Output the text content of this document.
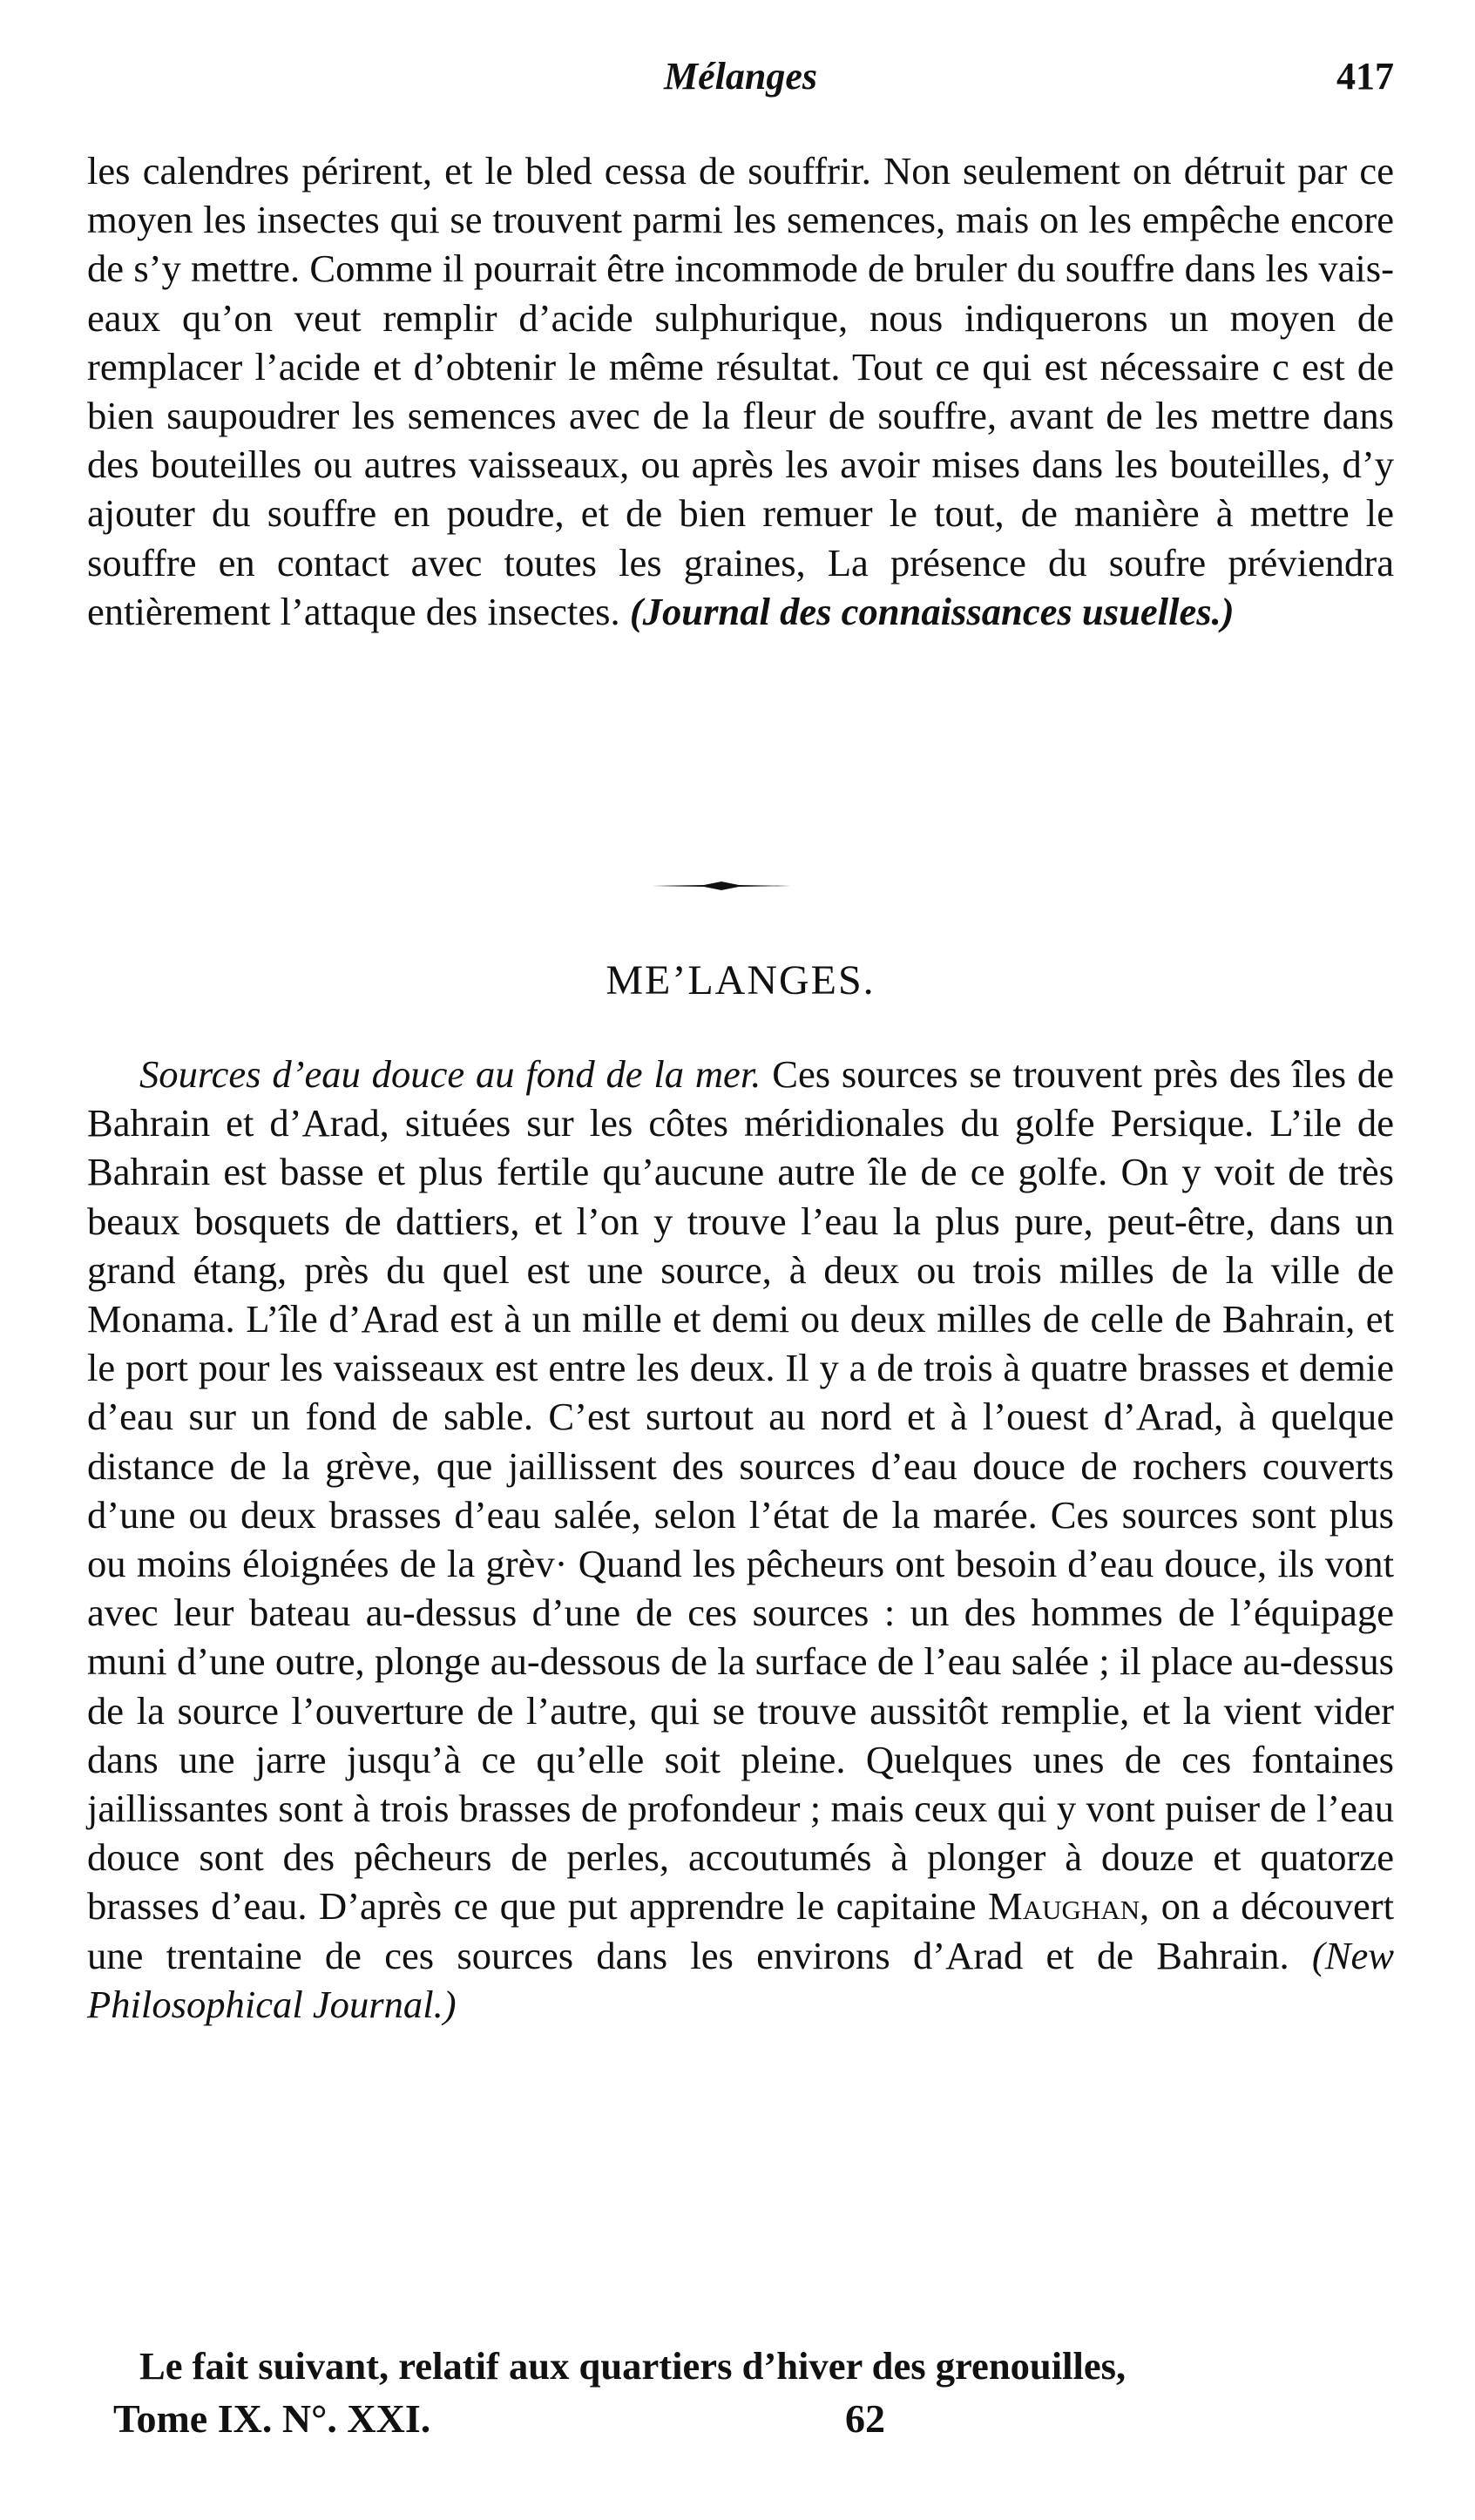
Mélanges	417

les calendres périrent, et le bled cessa de souffrir. Non seulement on détruit par ce moyen les insectes qui se trouvent parmi les semences, mais on les empêche encore de s’y mettre. Comme il pourrait être incommode de bruler du souffre dans les vais-eaux qu’on veut remplir d’acide sulphurique, nous indiquerons un moyen de remplacer l’acide et d’obtenir le même résultat. Tout ce qui est nécessaire c est de bien saupoudrer les semences avec de la fleur de souffre, avant de les mettre dans des bouteilles ou autres vaisseaux, ou après les avoir mises dans les bouteilles, d’y ajouter du souffre en poudre, et de bien remuer le tout, de manière à mettre le souffre en contact avec toutes les graines, La présence du soufre préviendra entièrement l’attaque des insectes. (Journal des connaissances usuelles.)

ME’LANGES.

Sources d’eau douce au fond de la mer. Ces sources se trouvent près des îles de Bahrain et d’Arad, situées sur les côtes méridionales du golfe Persique. L’ile de Bahrain est basse et plus fertile qu’aucune autre île de ce golfe. On y voit de très beaux bosquets de dattiers, et l’on y trouve l’eau la plus pure, peut-être, dans un grand étang, près du quel est une source, à deux ou trois milles de la ville de Monama. L’île d’Arad est à un mille et demi ou deux milles de celle de Bahrain, et le port pour les vaisseaux est entre les deux. Il y a de trois à quatre brasses et demie d’eau sur un fond de sable. C’est surtout au nord et à l’ouest d’Arad, à quelque distance de la grève, que jaillissent des sources d’eau douce de rochers couverts d’une ou deux brasses d’eau salée, selon l’état de la marée. Ces sources sont plus ou moins éloignées de la grèv· Quand les pêcheurs ont besoin d’eau douce, ils vont avec leur bateau au-dessus d’une de ces sources : un des hommes de l’équipage muni d’une outre, plonge au-dessous de la surface de l’eau salée ; il place au-dessus de la source l’ouverture de l’autre, qui se trouve aussitôt remplie, et la vient vider dans une jarre jusqu’à ce qu’elle soit pleine. Quelques unes de ces fontaines jaillissantes sont à trois brasses de profondeur ; mais ceux qui y vont puiser de l’eau douce sont des pêcheurs de perles, accoutumés à plonger à douze et quatorze brasses d’eau. D’après ce que put apprendre le capitaine Maughan, on a découvert une trentaine de ces sources dans les environs d’Arad et de Bahrain. (New Philosophical Journal.)

Le fait suivant, relatif aux quartiers d’hiver des grenouilles,

Tome IX. N°. XXI.	62
